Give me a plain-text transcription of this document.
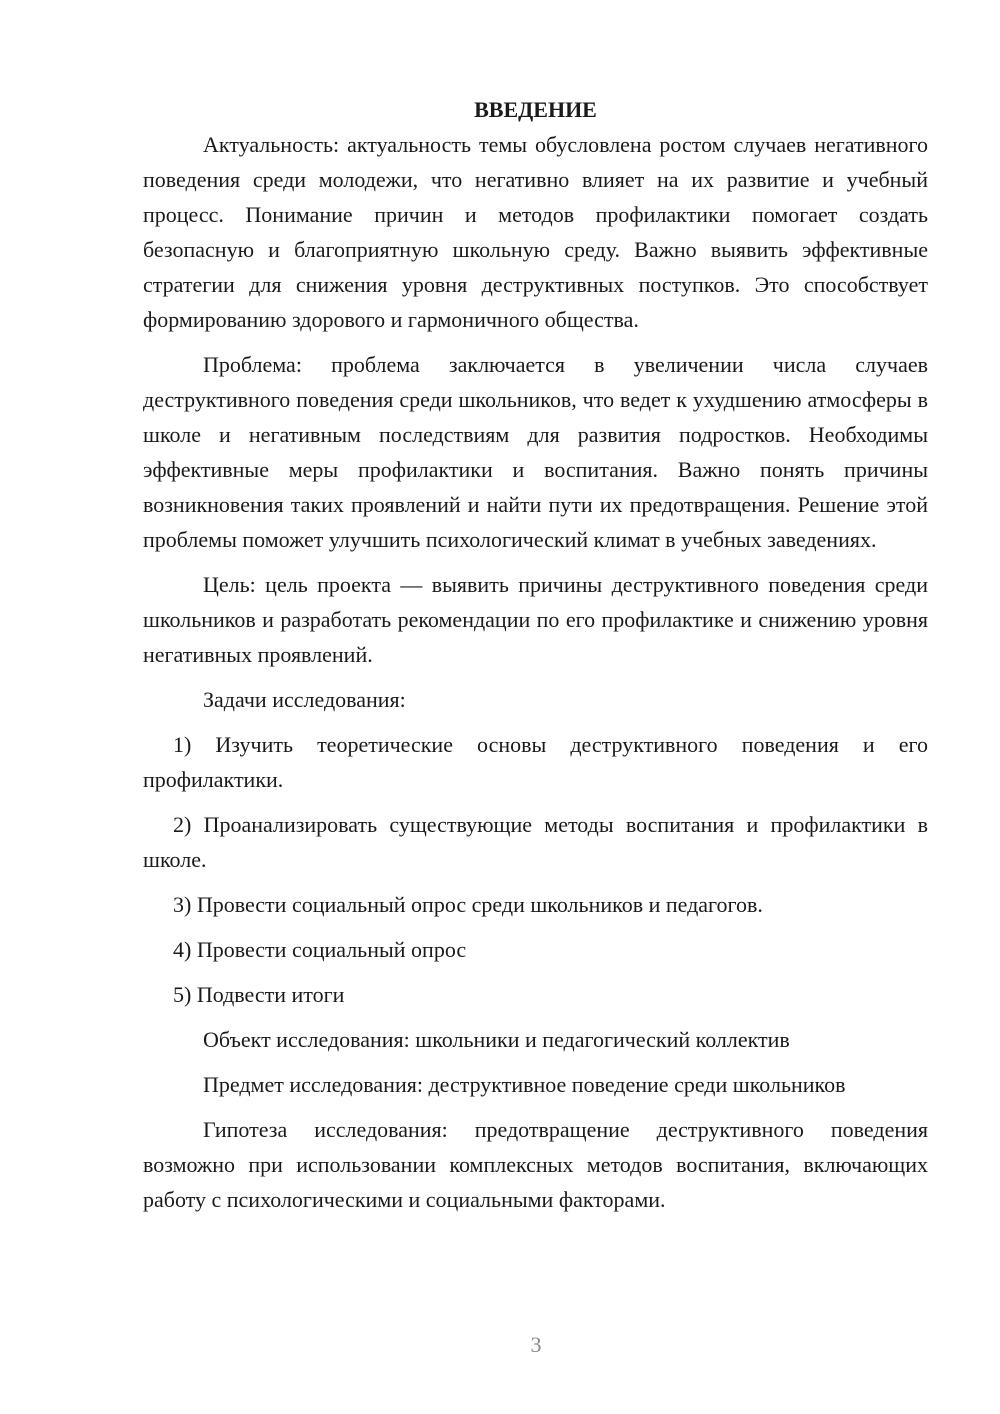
ВВЕДЕНИЕ

Актуальность: актуальность темы обусловлена ростом случаев негативного поведения среди молодежи, что негативно влияет на их развитие и учебный процесс. Понимание причин и методов профилактики помогает создать безопасную и благоприятную школьную среду. Важно выявить эффективные стратегии для снижения уровня деструктивных поступков. Это способствует формированию здорового и гармоничного общества.

Проблема: проблема заключается в увеличении числа случаев деструктивного поведения среди школьников, что ведет к ухудшению атмосферы в школе и негативным последствиям для развития подростков. Необходимы эффективные меры профилактики и воспитания. Важно понять причины возникновения таких проявлений и найти пути их предотвращения. Решение этой проблемы поможет улучшить психологический климат в учебных заведениях.

Цель: цель проекта — выявить причины деструктивного поведения среди школьников и разработать рекомендации по его профилактике и снижению уровня негативных проявлений.

Задачи исследования:

1) Изучить теоретические основы деструктивного поведения и его профилактики.

2) Проанализировать существующие методы воспитания и профилактики в школе.

3) Провести социальный опрос среди школьников и педагогов.

4) Провести социальный опрос

5) Подвести итоги

Объект исследования: школьники и педагогический коллектив

Предмет исследования: деструктивное поведение среди школьников

Гипотеза исследования: предотвращение деструктивного поведения возможно при использовании комплексных методов воспитания, включающих работу с психологическими и социальными факторами.

3
